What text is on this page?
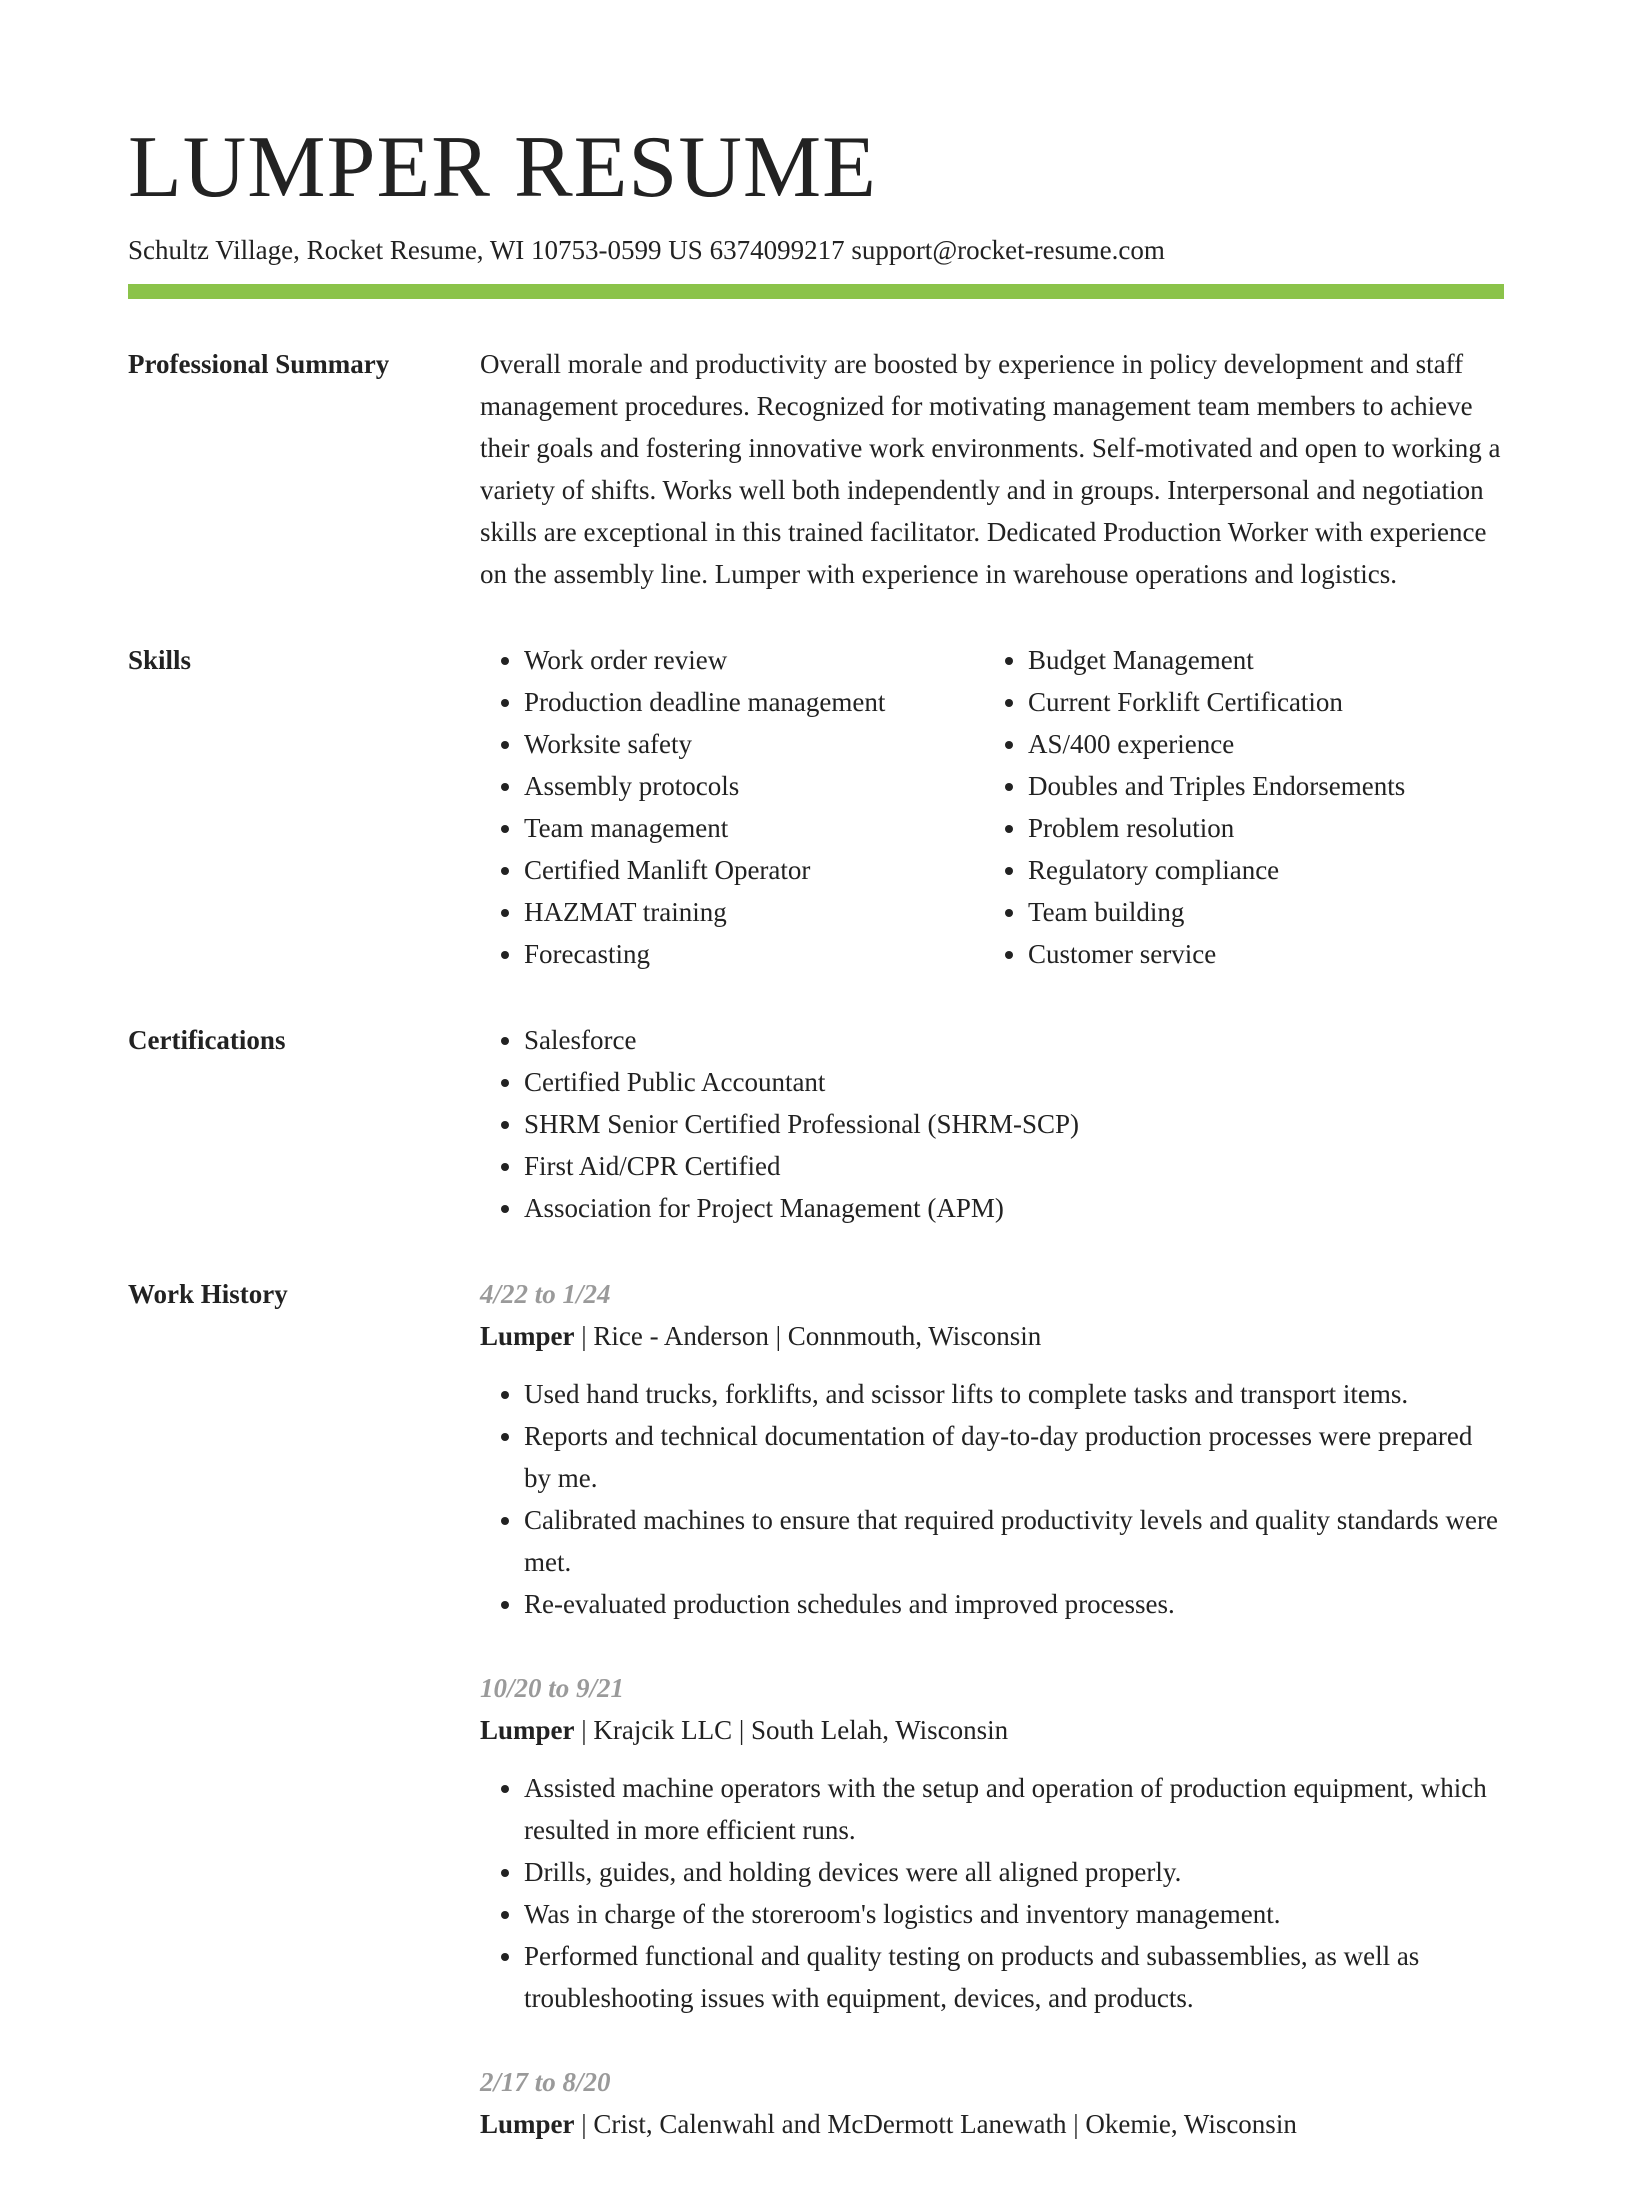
LUMPER RESUME
Schultz Village, Rocket Resume, WI 10753-0599 US 6374099217 support@rocket-resume.com
Professional Summary	Overall morale and productivity are boosted by experience in policy development and staff management procedures. Recognized for motivating management team members to achieve their goals and fostering innovative work environments. Self-motivated and open to working a variety of shifts. Works well both independently and in groups. Interpersonal and negotiation skills are exceptional in this trained facilitator. Dedicated Production Worker with experience on the assembly line. Lumper with experience in warehouse operations and logistics.

Skills	• Work order review
• Production deadline management
• Worksite safety
• Assembly protocols
• Team management
• Certified Manlift Operator
• HAZMAT training
• Forecasting
• Budget Management
• Current Forklift Certification
• AS/400 experience
• Doubles and Triples Endorsements
• Problem resolution
• Regulatory compliance
• Team building
• Customer service
Certifications	• Salesforce
• Certified Public Accountant
• SHRM Senior Certified Professional (SHRM-SCP)
• First Aid/CPR Certified
• Association for Project Management (APM)
Work History	4/22 to 1/24
Lumper | Rice - Anderson | Connmouth, Wisconsin
• Used hand trucks, forklifts, and scissor lifts to complete tasks and transport items.
• Reports and technical documentation of day-to-day production processes were prepared by me.
• Calibrated machines to ensure that required productivity levels and quality standards were met.
• Re-evaluated production schedules and improved processes.
10/20 to 9/21
Lumper | Krajcik LLC | South Lelah, Wisconsin
• Assisted machine operators with the setup and operation of production equipment, which resulted in more efficient runs.
• Drills, guides, and holding devices were all aligned properly.
• Was in charge of the storeroom's logistics and inventory management.
• Performed functional and quality testing on products and subassemblies, as well as troubleshooting issues with equipment, devices, and products.
2/17 to 8/20
Lumper | Crist, Calenwahl and McDermott Lanewath | Okemie, Wisconsin
